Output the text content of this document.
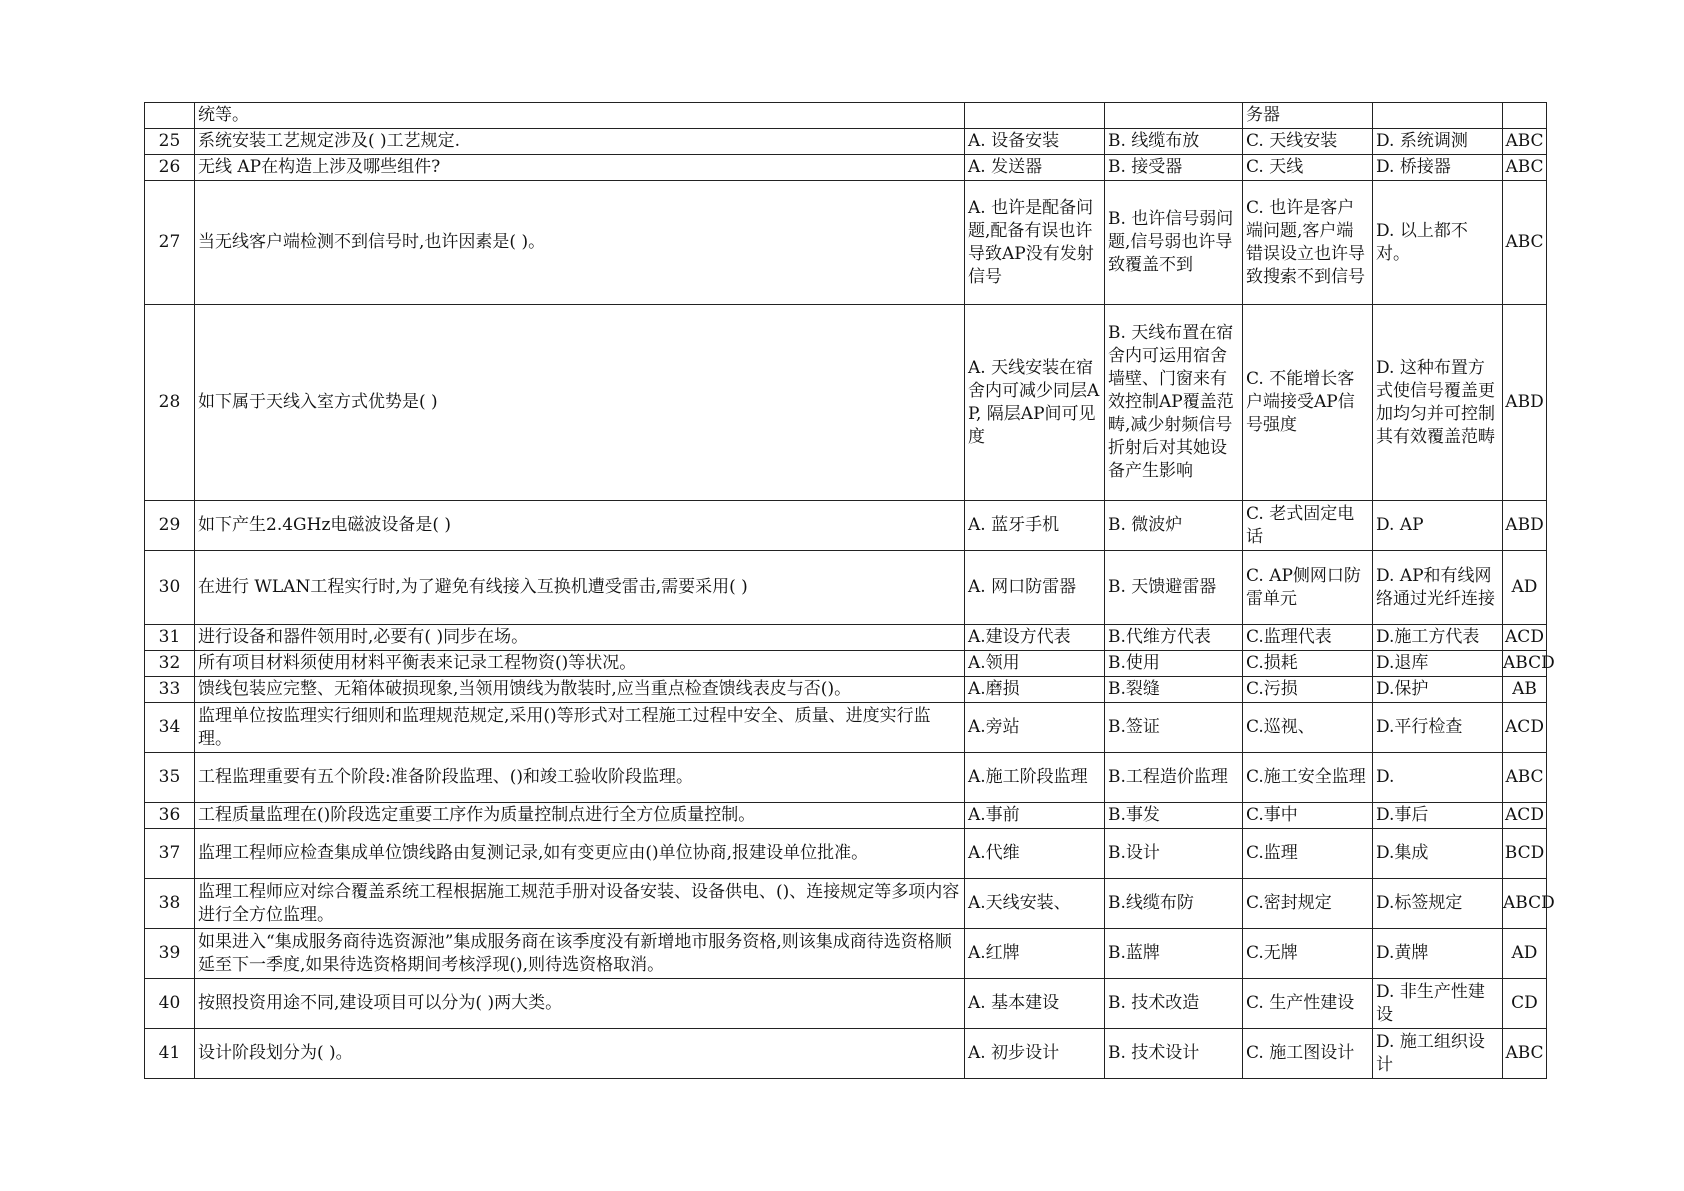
	统等。			务器		
25	系统安装工艺规定涉及( )工艺规定.	A. 设备安装	B. 线缆布放	C. 天线安装	D. 系统调测	ABC
26	无线 AP在构造上涉及哪些组件?	A. 发送器	B. 接受器	C. 天线	D. 桥接器	ABC
27	当无线客户端检测不到信号时,也许因素是( )。	A. 也许是配备问题,配备有误也许导致AP没有发射信号	B. 也许信号弱问题,信号弱也许导致覆盖不到	C. 也许是客户端问题,客户端错误设立也许导致搜索不到信号	D. 以上都不对。	ABC
28	如下属于天线入室方式优势是( )	A. 天线安装在宿舍内可减少同层AP, 隔层AP间可见度	B. 天线布置在宿舍内可运用宿舍墙壁、门窗来有效控制AP覆盖范畴,减少射频信号折射后对其她设备产生影响	C. 不能增长客户端接受AP信号强度	D. 这种布置方式使信号覆盖更加均匀并可控制其有效覆盖范畴	ABD
29	如下产生2.4GHz电磁波设备是( )	A. 蓝牙手机	B. 微波炉	C. 老式固定电话	D. AP	ABD
30	在进行 WLAN工程实行时,为了避免有线接入互换机遭受雷击,需要采用( )	A. 网口防雷器	B. 天馈避雷器	C. AP侧网口防雷单元	D. AP和有线网络通过光纤连接	AD
31	进行设备和器件领用时,必要有( )同步在场。	A.建设方代表	B.代维方代表	C.监理代表	D.施工方代表	ACD
32	所有项目材料须使用材料平衡表来记录工程物资()等状况。	A.领用	B.使用	C.损耗	D.退库	ABCD
33	馈线包装应完整、无箱体破损现象,当领用馈线为散装时,应当重点检查馈线表皮与否()。	A.磨损	B.裂缝	C.污损	D.保护	AB
34	监理单位按监理实行细则和监理规范规定,采用()等形式对工程施工过程中安全、质量、进度实行监理。	A.旁站	B.签证	C.巡视、	D.平行检查	ACD
35	工程监理重要有五个阶段:准备阶段监理、()和竣工验收阶段监理。	A.施工阶段监理	B.工程造价监理	C.施工安全监理	D.	ABC
36	工程质量监理在()阶段选定重要工序作为质量控制点进行全方位质量控制。	A.事前	B.事发	C.事中	D.事后	ACD
37	监理工程师应检查集成单位馈线路由复测记录,如有变更应由()单位协商,报建设单位批准。	A.代维	B.设计	C.监理	D.集成	BCD
38	监理工程师应对综合覆盖系统工程根据施工规范手册对设备安装、设备供电、()、连接规定等多项内容进行全方位监理。	A.天线安装、	B.线缆布防	C.密封规定	D.标签规定	ABCD
39	如果进入“集成服务商待选资源池”集成服务商在该季度没有新增地市服务资格,则该集成商待选资格顺延至下一季度,如果待选资格期间考核浮现(),则待选资格取消。	A.红牌	B.蓝牌	C.无牌	D.黄牌	AD
40	按照投资用途不同,建设项目可以分为( )两大类。	A. 基本建设	B. 技术改造	C. 生产性建设	D. 非生产性建设	CD
41	设计阶段划分为( )。	A. 初步设计	B. 技术设计	C. 施工图设计	D. 施工组织设计	ABC
